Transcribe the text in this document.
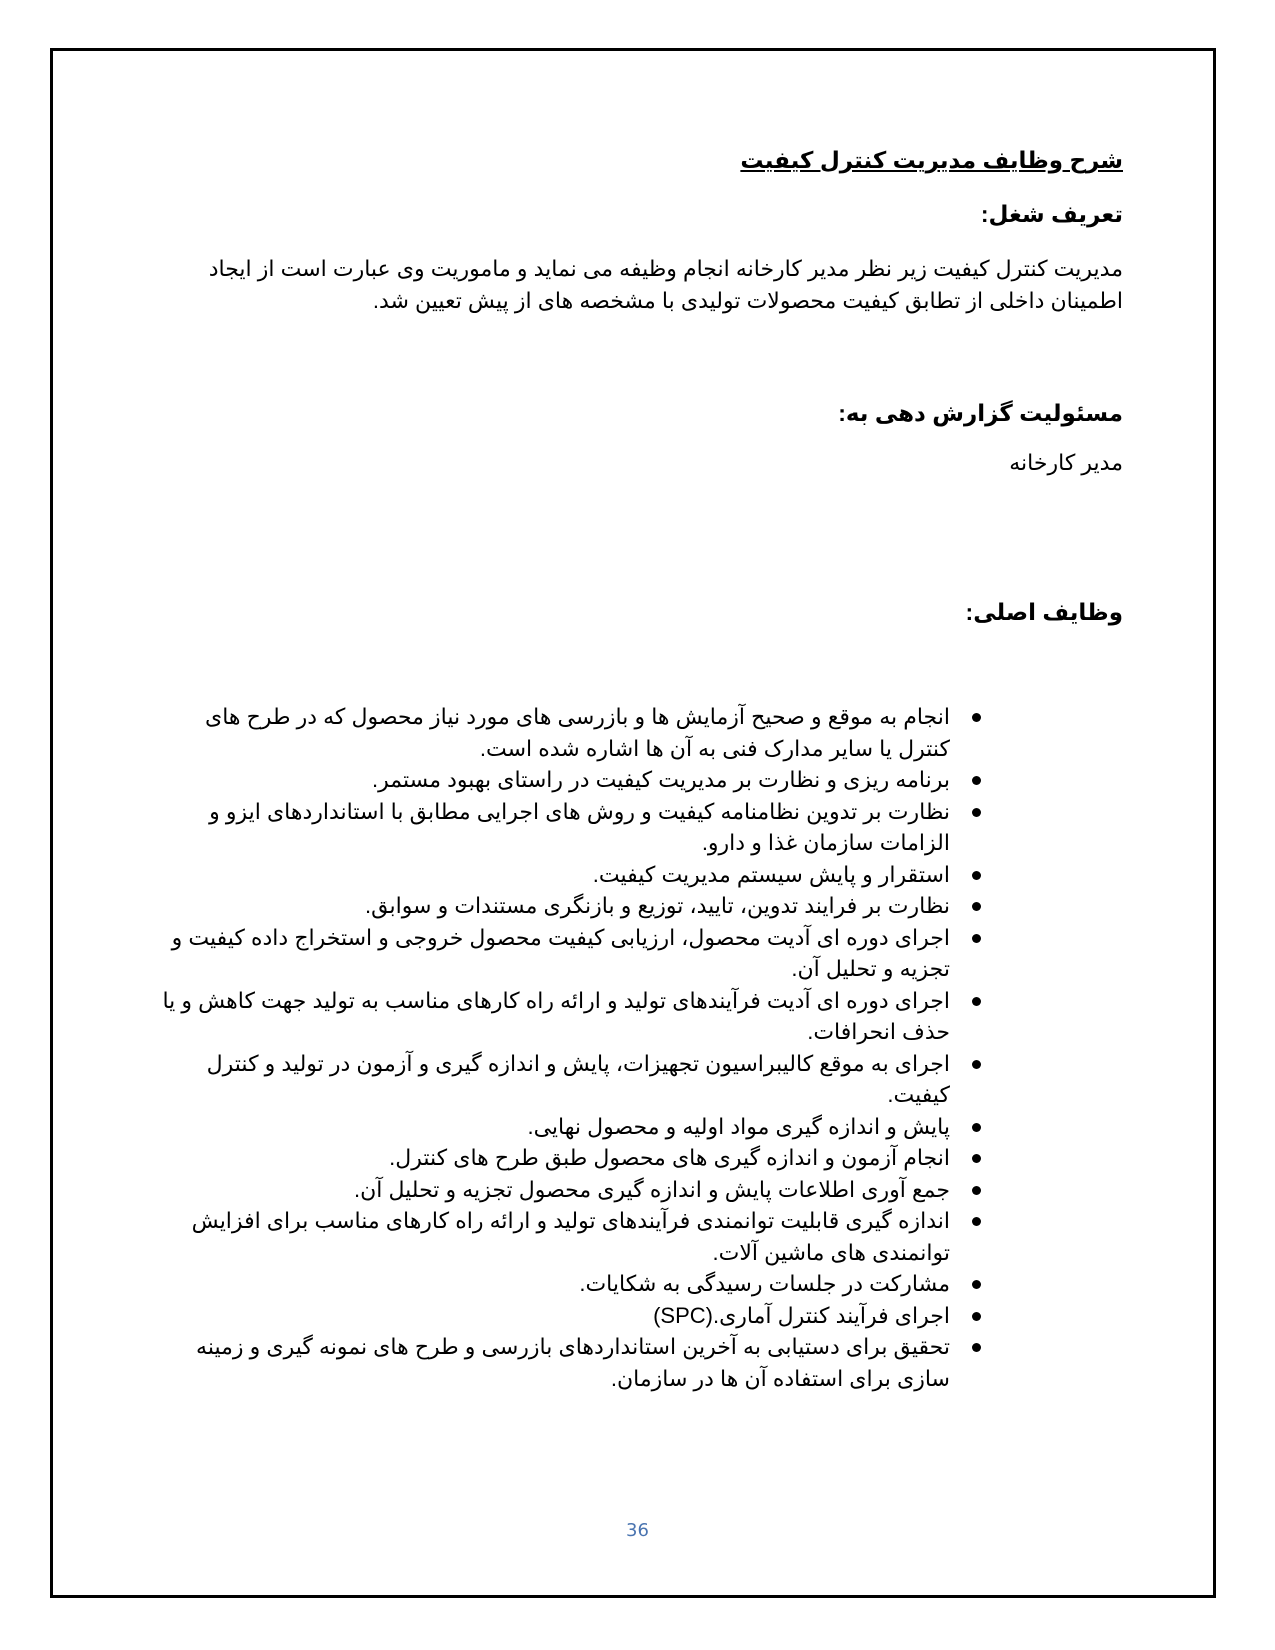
شرح وظایف مدیریت کنترل کیفیت
تعریف شغل:

مدیریت کنترل کیفیت زیر نظر مدیر کارخانه انجام وظیفه می نماید و ماموریت وی عبارت است از ایجاد اطمینان داخلی از تطابق کیفیت محصولات تولیدی با مشخصه های از پیش تعیین شد.

مسئولیت گزارش دهی به:

مدیر کارخانه

وظایف اصلی:
انجام به موقع و صحیح آزمایش ها و بازرسی های مورد نیاز محصول که در طرح های کنترل یا سایر مدارک فنی به آن ها اشاره شده است.
برنامه ریزی و نظارت بر مدیریت کیفیت در راستای بهبود مستمر.
نظارت بر تدوین نظامنامه کیفیت و روش های اجرایی مطابق با استانداردهای ایزو و الزامات سازمان غذا و دارو.
استقرار و پایش سیستم مدیریت کیفیت.
نظارت بر فرایند تدوین، تایید، توزیع و بازنگری مستندات و سوابق.
اجرای دوره ای آدیت محصول، ارزیابی کیفیت محصول خروجی و استخراج داده کیفیت و تجزیه و تحلیل آن.
اجرای دوره ای آدیت فرآیندهای تولید و ارائه راه کارهای مناسب به تولید جهت کاهش و یا حذف انحرافات.
اجرای به موقع کالیبراسیون تجهیزات، پایش و اندازه گیری و آزمون در تولید و کنترل کیفیت.
پایش و اندازه گیری مواد اولیه و محصول نهایی.
انجام آزمون و اندازه گیری های محصول طبق طرح های کنترل.
جمع آوری اطلاعات پایش و اندازه گیری محصول تجزیه و تحلیل آن.
اندازه گیری قابلیت توانمندی فرآیندهای تولید و ارائه راه کارهای مناسب برای افزایش توانمندی های ماشین آلات.
مشارکت در جلسات رسیدگی به شکایات.
اجرای فرآیند کنترل آماری.(SPC)
تحقیق برای دستیابی به آخرین استانداردهای بازرسی و طرح های نمونه گیری و زمینه سازی برای استفاده آن ها در سازمان.
36
